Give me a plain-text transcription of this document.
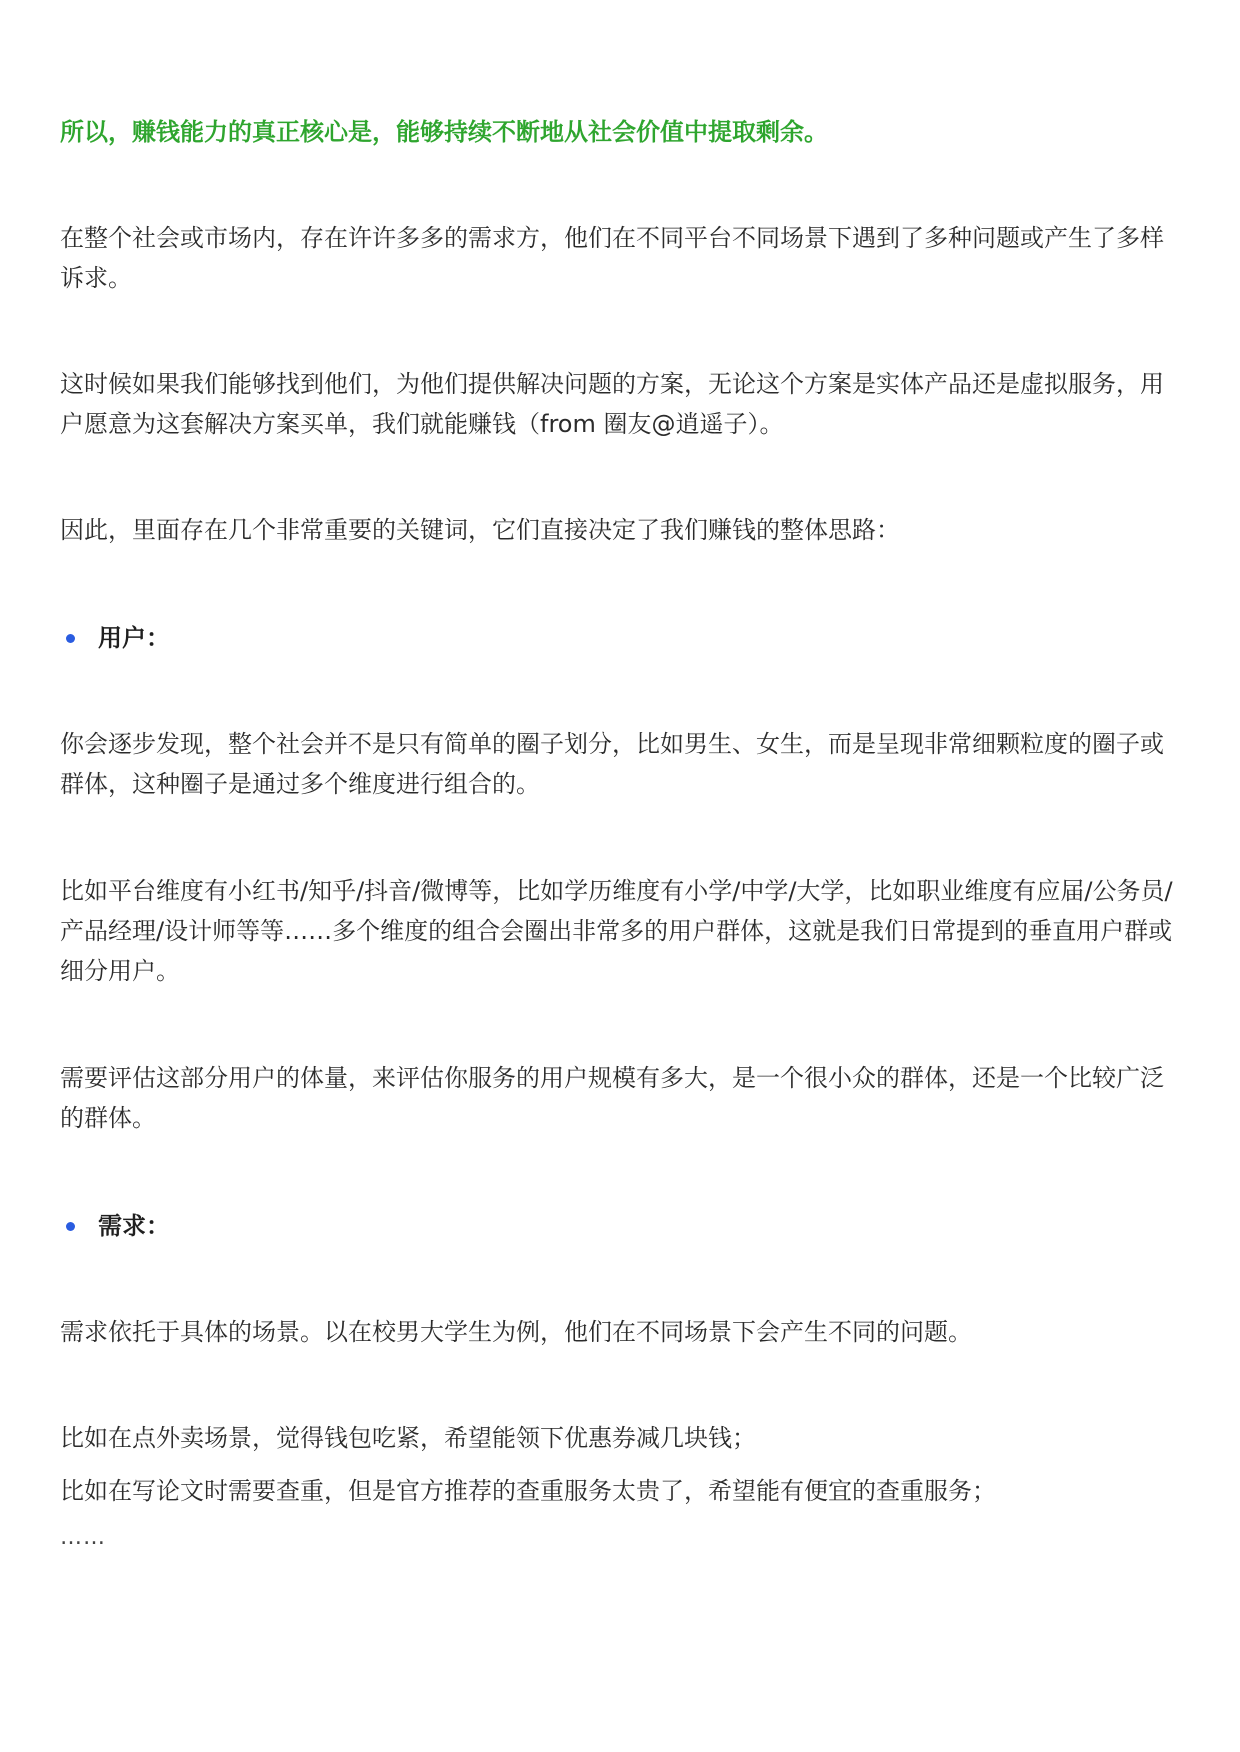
所以，赚钱能力的真正核心是，能够持续不断地从社会价值中提取剩余。

在整个社会或市场内，存在许许多多的需求方，他们在不同平台不同场景下遇到了多种问题或产生了多样诉求。

这时候如果我们能够找到他们，为他们提供解决问题的方案，无论这个方案是实体产品还是虚拟服务，用户愿意为这套解决方案买单，我们就能赚钱（from 圈友@逍遥子）。

因此，里面存在几个非常重要的关键词，它们直接决定了我们赚钱的整体思路：

用户：

你会逐步发现，整个社会并不是只有简单的圈子划分，比如男生、女生，而是呈现非常细颗粒度的圈子或群体，这种圈子是通过多个维度进行组合的。

比如平台维度有小红书/知乎/抖音/微博等，比如学历维度有小学/中学/大学，比如职业维度有应届/公务员/产品经理/设计师等等……多个维度的组合会圈出非常多的用户群体，这就是我们日常提到的垂直用户群或细分用户。

需要评估这部分用户的体量，来评估你服务的用户规模有多大，是一个很小众的群体，还是一个比较广泛的群体。

需求：

需求依托于具体的场景。以在校男大学生为例，他们在不同场景下会产生不同的问题。

比如在点外卖场景，觉得钱包吃紧，希望能领下优惠券减几块钱；

比如在写论文时需要查重，但是官方推荐的查重服务太贵了，希望能有便宜的查重服务；

……
